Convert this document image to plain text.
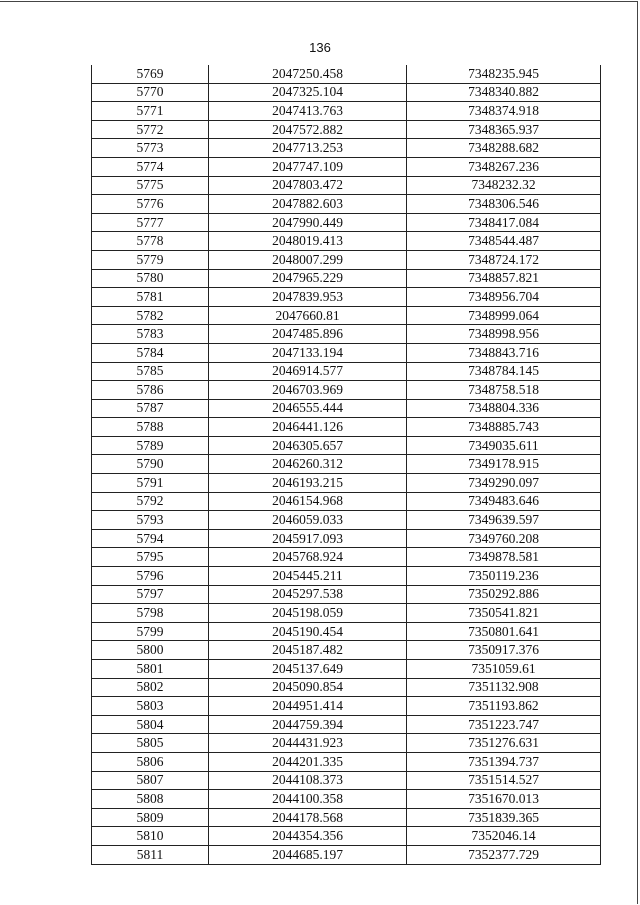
136
5769	2047250.458	7348235.945
5770	2047325.104	7348340.882
5771	2047413.763	7348374.918
5772	2047572.882	7348365.937
5773	2047713.253	7348288.682
5774	2047747.109	7348267.236
5775	2047803.472	7348232.32
5776	2047882.603	7348306.546
5777	2047990.449	7348417.084
5778	2048019.413	7348544.487
5779	2048007.299	7348724.172
5780	2047965.229	7348857.821
5781	2047839.953	7348956.704
5782	2047660.81	7348999.064
5783	2047485.896	7348998.956
5784	2047133.194	7348843.716
5785	2046914.577	7348784.145
5786	2046703.969	7348758.518
5787	2046555.444	7348804.336
5788	2046441.126	7348885.743
5789	2046305.657	7349035.611
5790	2046260.312	7349178.915
5791	2046193.215	7349290.097
5792	2046154.968	7349483.646
5793	2046059.033	7349639.597
5794	2045917.093	7349760.208
5795	2045768.924	7349878.581
5796	2045445.211	7350119.236
5797	2045297.538	7350292.886
5798	2045198.059	7350541.821
5799	2045190.454	7350801.641
5800	2045187.482	7350917.376
5801	2045137.649	7351059.61
5802	2045090.854	7351132.908
5803	2044951.414	7351193.862
5804	2044759.394	7351223.747
5805	2044431.923	7351276.631
5806	2044201.335	7351394.737
5807	2044108.373	7351514.527
5808	2044100.358	7351670.013
5809	2044178.568	7351839.365
5810	2044354.356	7352046.14
5811	2044685.197	7352377.729
